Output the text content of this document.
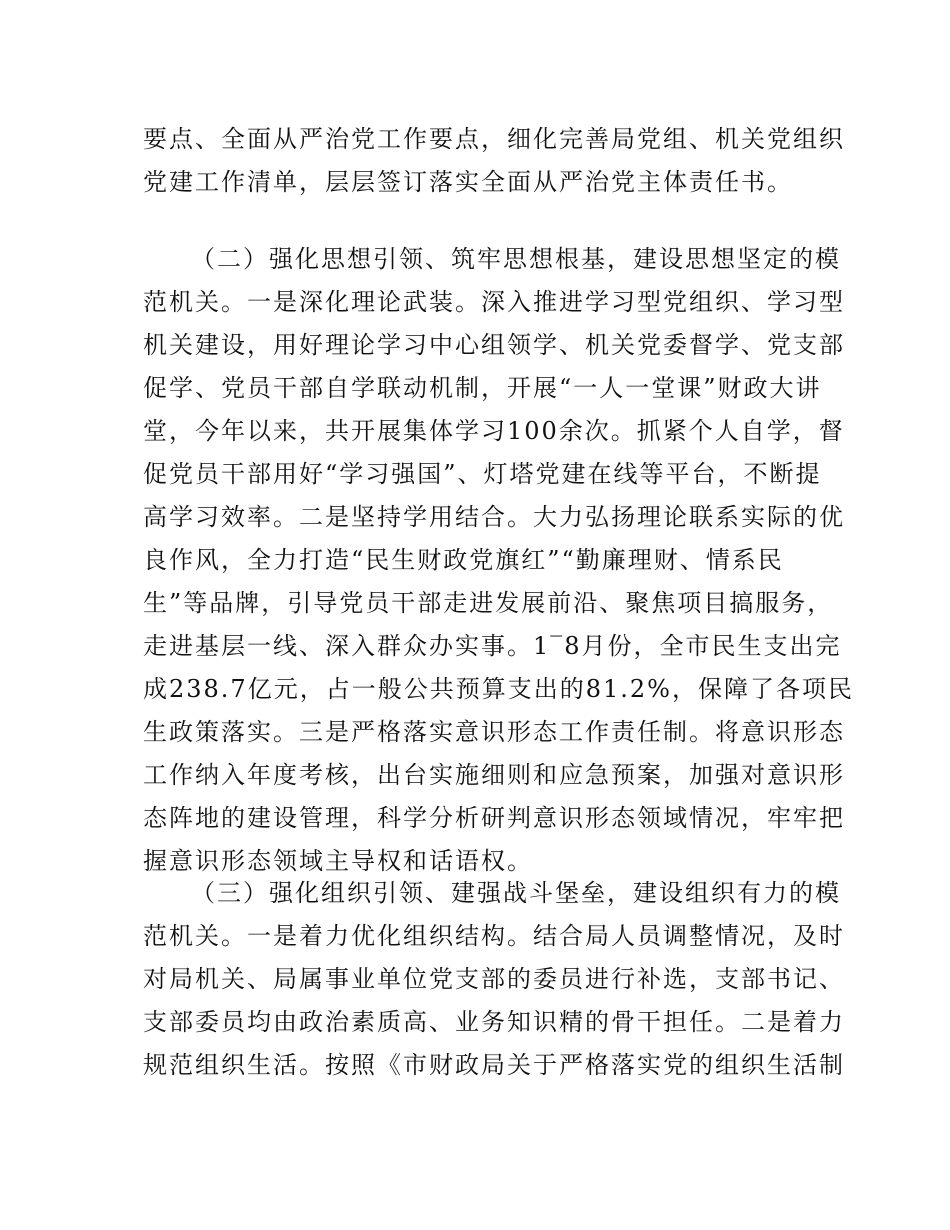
要点、全面从严治党工作要点，细化完善局党组、机关党组织
党建工作清单，层层签订落实全面从严治党主体责任书。
（二）强化思想引领、筑牢思想根基，建设思想坚定的模
范机关。一是深化理论武装。深入推进学习型党组织、学习型
机关建设，用好理论学习中心组领学、机关党委督学、党支部
促学、党员干部自学联动机制，开展“一人一堂课”财政大讲
堂，今年以来，共开展集体学习100余次。抓紧个人自学，督
促党员干部用好“学习强国”、灯塔党建在线等平台，不断提
高学习效率。二是坚持学用结合。大力弘扬理论联系实际的优
良作风，全力打造“民生财政党旗红”“勤廉理财、情系民
生”等品牌，引导党员干部走进发展前沿、聚焦项目搞服务，
走进基层一线、深入群众办实事。1‾8月份，全市民生支出完
成238.7亿元，占一般公共预算支出的81.2%，保障了各项民
生政策落实。三是严格落实意识形态工作责任制。将意识形态
工作纳入年度考核，出台实施细则和应急预案，加强对意识形
态阵地的建设管理，科学分析研判意识形态领域情况，牢牢把
握意识形态领域主导权和话语权。
（三）强化组织引领、建强战斗堡垒，建设组织有力的模
范机关。一是着力优化组织结构。结合局人员调整情况，及时
对局机关、局属事业单位党支部的委员进行补选，支部书记、
支部委员均由政治素质高、业务知识精的骨干担任。二是着力
规范组织生活。按照《市财政局关于严格落实党的组织生活制
